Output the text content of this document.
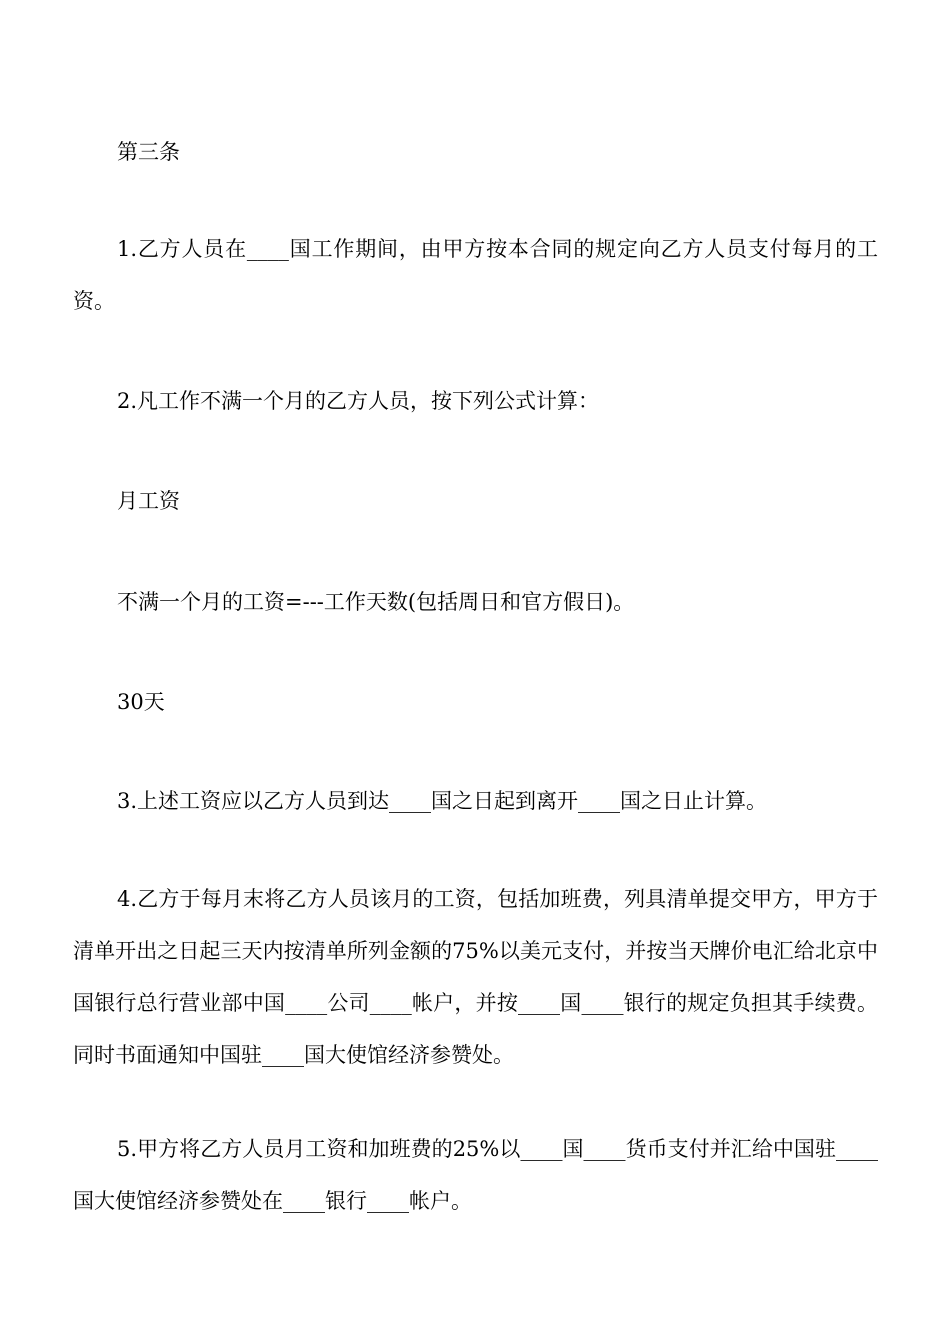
第三条

1.乙方人员在____国工作期间，由甲方按本合同的规定向乙方人员支付每月的工资。

2.凡工作不满一个月的乙方人员，按下列公式计算：

月工资

不满一个月的工资=---工作天数(包括周日和官方假日)。

30天

3.上述工资应以乙方人员到达____国之日起到离开____国之日止计算。

4.乙方于每月末将乙方人员该月的工资，包括加班费，列具清单提交甲方，甲方于清单开出之日起三天内按清单所列金额的75%以美元支付，并按当天牌价电汇给北京中国银行总行营业部中国____公司____帐户，并按____国____银行的规定负担其手续费。同时书面通知中国驻____国大使馆经济参赞处。

5.甲方将乙方人员月工资和加班费的25%以____国____货币支付并汇给中国驻____国大使馆经济参赞处在____银行____帐户。
